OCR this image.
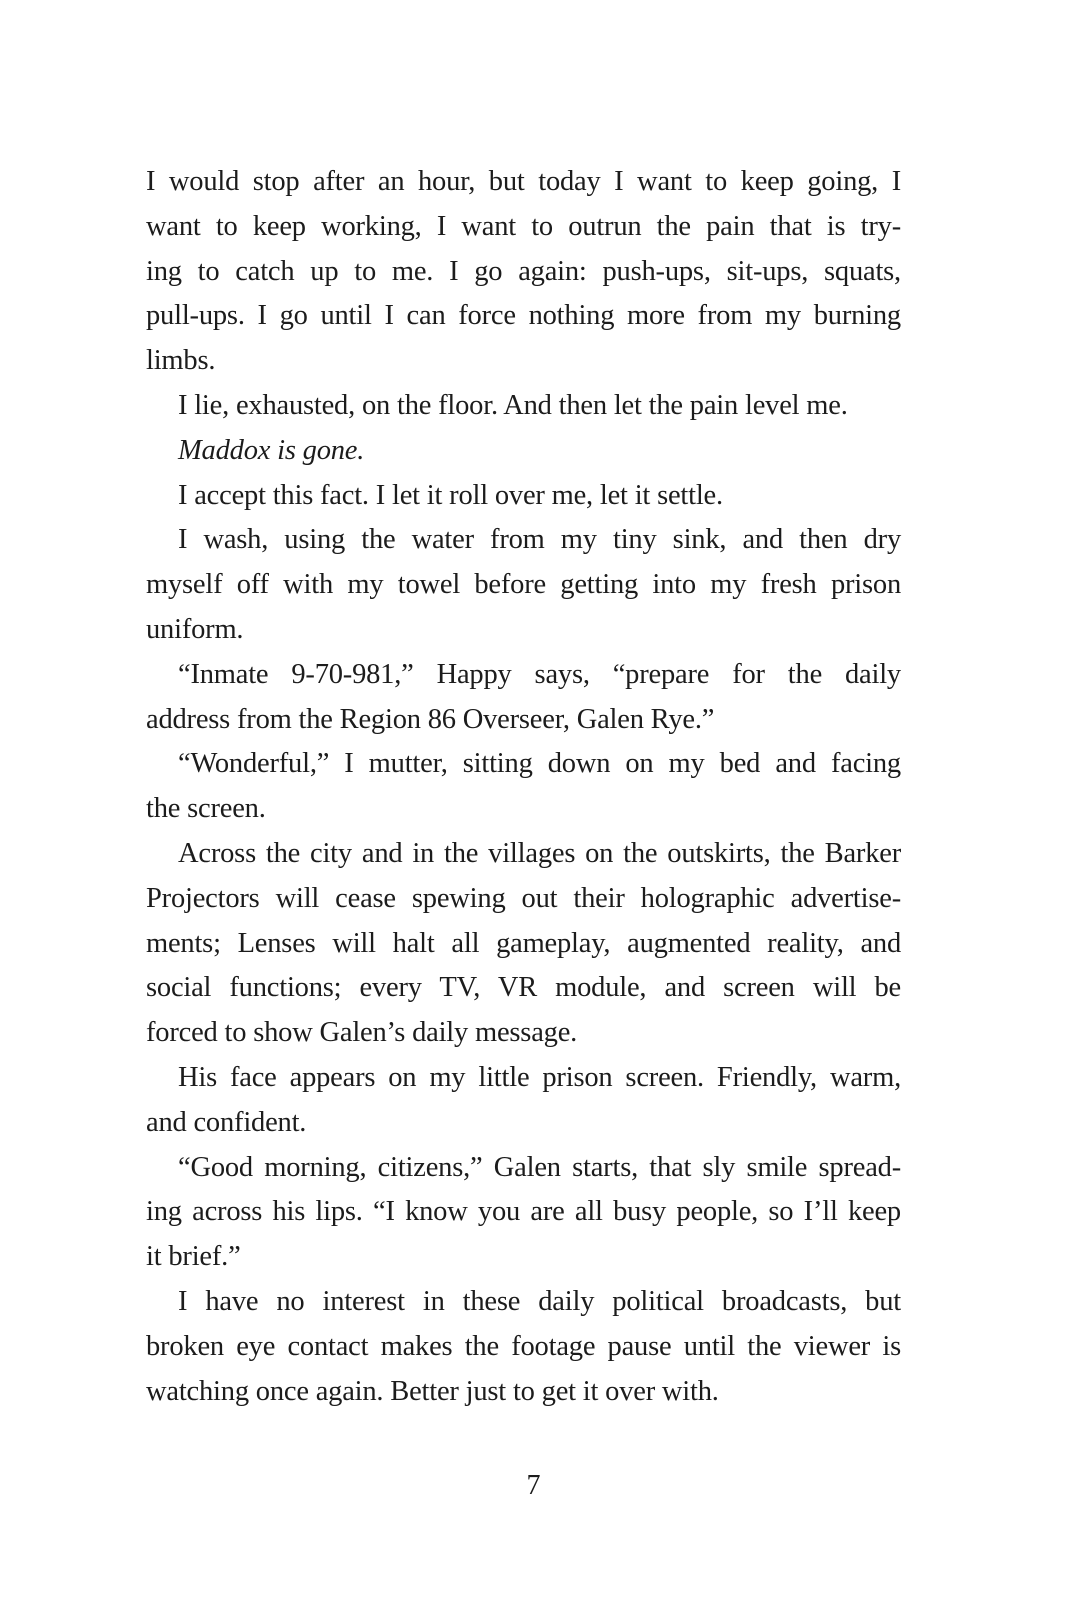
I would stop after an hour, but today I want to keep going, I
want to keep working, I want to outrun the pain that is try-
ing to catch up to me. I go again: push-ups, sit-ups, squats,
pull-ups. I go until I can force nothing more from my burning
limbs.
I lie, exhausted, on the floor. And then let the pain level me.
Maddox is gone.
I accept this fact. I let it roll over me, let it settle.
I wash, using the water from my tiny sink, and then dry
myself off with my towel before getting into my fresh prison
uniform.
“Inmate 9-70-981,” Happy says, “prepare for the daily
address from the Region 86 Overseer, Galen Rye.”
“Wonderful,” I mutter, sitting down on my bed and facing
the screen.
Across the city and in the villages on the outskirts, the Barker
Projectors will cease spewing out their holographic advertise-
ments; Lenses will halt all gameplay, augmented reality, and
social functions; every TV, VR module, and screen will be
forced to show Galen’s daily message.
His face appears on my little prison screen. Friendly, warm,
and confident.
“Good morning, citizens,” Galen starts, that sly smile spread-
ing across his lips. “I know you are all busy people, so I’ll keep
it brief.”
I have no interest in these daily political broadcasts, but
broken eye contact makes the footage pause until the viewer is
watching once again. Better just to get it over with.
7
